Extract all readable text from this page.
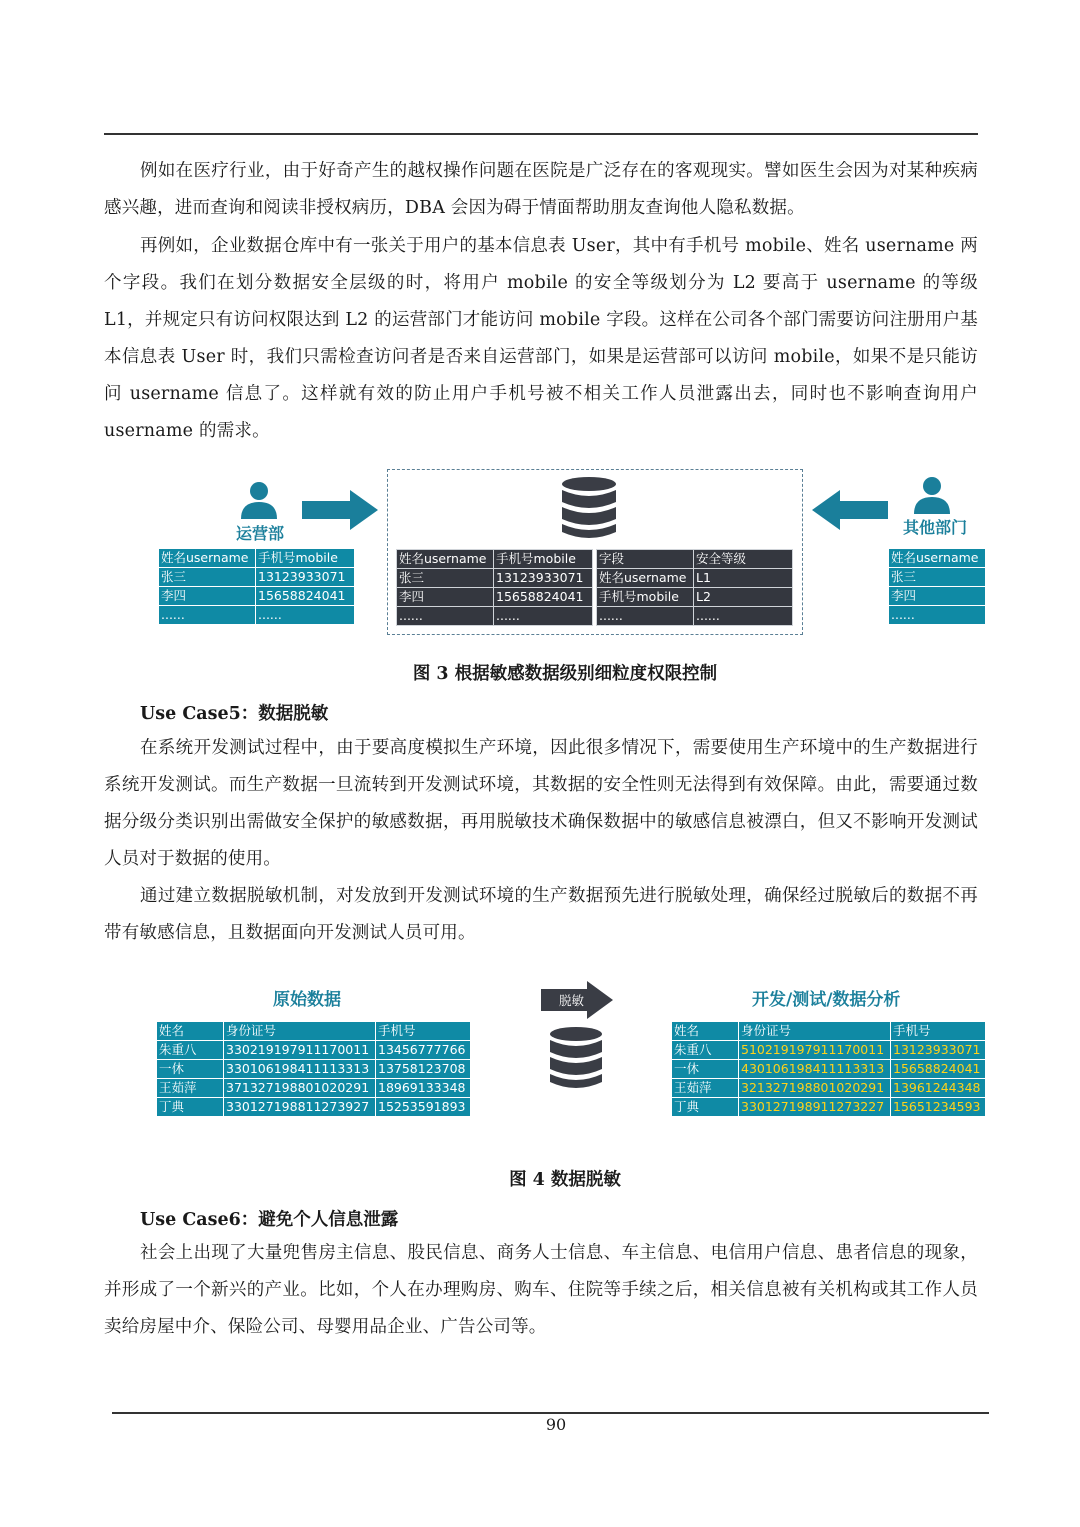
例如在医疗行业，由于好奇产生的越权操作问题在医院是广泛存在的客观现实。譬如医生会因为对某种疾病感兴趣，进而查询和阅读非授权病历，DBA 会因为碍于情面帮助朋友查询他人隐私数据。
再例如，企业数据仓库中有一张关于用户的基本信息表 User，其中有手机号 mobile、姓名 username 两个字段。我们在划分数据安全层级的时，将用户 mobile 的安全等级划分为 L2 要高于 username 的等级 L1，并规定只有访问权限达到 L2 的运营部门才能访问 mobile 字段。这样在公司各个部门需要访问注册用户基本信息表 User 时，我们只需检查访问者是否来自运营部门，如果是运营部可以访问 mobile，如果不是只能访问 username 信息了。这样就有效的防止用户手机号被不相关工作人员泄露出去，同时也不影响查询用户 username 的需求。
运营部
姓名username	手机号mobile
张三	13123933071
李四	15658824041
......	......
姓名username	手机号mobile
张三	13123933071
李四	15658824041
......	......
字段	安全等级
姓名username	L1
手机号mobile	L2
......	......
其他部门
姓名username
张三
李四
......
图 3 根据敏感数据级别细粒度权限控制
Use Case5：数据脱敏
在系统开发测试过程中，由于要高度模拟生产环境，因此很多情况下，需要使用生产环境中的生产数据进行系统开发测试。而生产数据一旦流转到开发测试环境，其数据的安全性则无法得到有效保障。由此，需要通过数据分级分类识别出需做安全保护的敏感数据，再用脱敏技术确保数据中的敏感信息被漂白，但又不影响开发测试人员对于数据的使用。
通过建立数据脱敏机制，对发放到开发测试环境的生产数据预先进行脱敏处理，确保经过脱敏后的数据不再带有敏感信息，且数据面向开发测试人员可用。
原始数据	开发/测试/数据分析
姓名	身份证号	手机号
朱重八	330219197911170011	13456777766
一休	330106198411113313	13758123708
王茹萍	371327198801020291	18969133348
丁典	330127198811273927	15253591893
脱敏
姓名	身份证号	手机号
朱重八	510219197911170011	13123933071
一休	430106198411113313	15658824041
王茹萍	321327198801020291	13961244348
丁典	330127198911273227	15651234593
图 4 数据脱敏
Use Case6：避免个人信息泄露
社会上出现了大量兜售房主信息、股民信息、商务人士信息、车主信息、电信用户信息、患者信息的现象，并形成了一个新兴的产业。比如，个人在办理购房、购车、住院等手续之后，相关信息被有关机构或其工作人员卖给房屋中介、保险公司、母婴用品企业、广告公司等。
90
